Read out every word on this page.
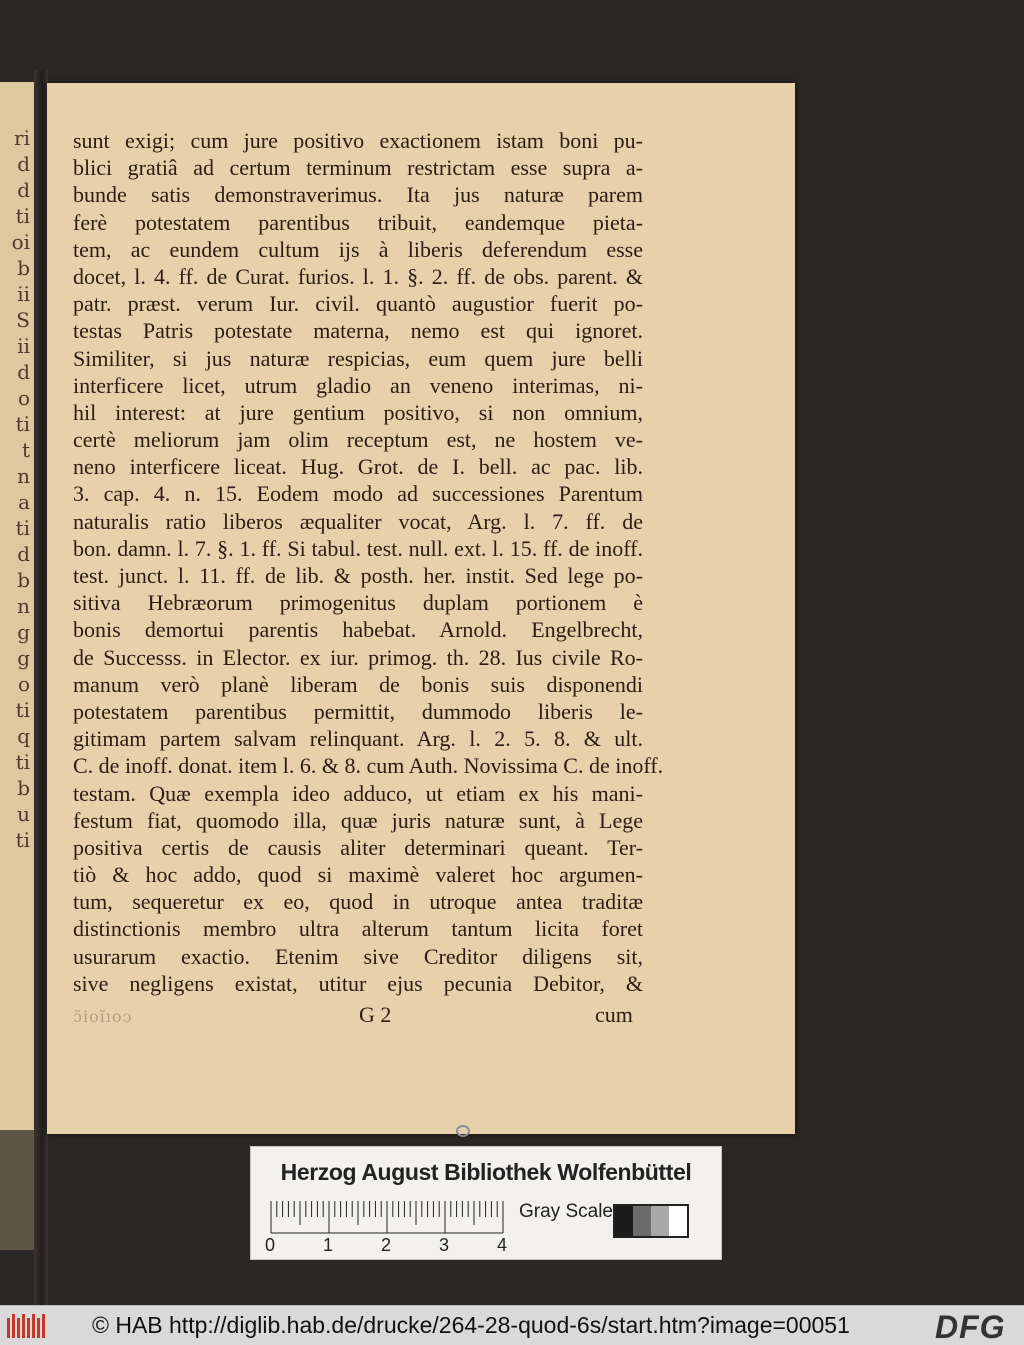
ri
d
d
ti
oi
b
ii
S
ii
d
o
ti
t
n
a
ti
d
b
n
g
g
o
ti
q
ti
b
u
ti

sunt exigi; cum jure positivo exactionem istam boni pu-

blici gratiâ ad certum terminum restrictam esse supra a-

bunde satis demonstraverimus. Ita jus naturæ parem

ferè potestatem parentibus tribuit, eandemque pieta-

tem, ac eundem cultum ijs à liberis deferendum esse

docet, l. 4. ff. de Curat. furios. l. 1. §. 2. ff. de obs. parent. &

patr. præst. verum Iur. civil. quantò augustior fuerit po-

testas Patris potestate materna, nemo est qui ignoret.

Similiter, si jus naturæ respicias, eum quem jure belli

interficere licet, utrum gladio an veneno interimas, ni-

hil interest: at jure gentium positivo, si non omnium,

certè meliorum jam olim receptum est, ne hostem ve-

neno interficere liceat. Hug. Grot. de I. bell. ac pac. lib.

3. cap. 4. n. 15. Eodem modo ad successiones Parentum

naturalis ratio liberos æqualiter vocat, Arg. l. 7. ff. de

bon. damn. l. 7. §. 1. ff. Si tabul. test. null. ext. l. 15. ff. de inoff.

test. junct. l. 11. ff. de lib. & posth. her. instit. Sed lege po-

sitiva Hebræorum primogenitus duplam portionem è

bonis demortui parentis habebat. Arnold. Engelbrecht,

de Successs. in Elector. ex iur. primog. th. 28. Ius civile Ro-

manum verò planè liberam de bonis suis disponendi

potestatem parentibus permittit, dummodo liberis le-

gitimam partem salvam relinquant. Arg. l. 2. 5. 8. & ult.

C. de inoff. donat. item l. 6. & 8. cum Auth. Novissima C. de inoff.

testam. Quæ exempla ideo adduco, ut etiam ex his mani-

festum fiat, quomodo illa, quæ juris naturæ sunt, à Lege

positiva certis de causis aliter determinari queant. Ter-

tiò & hoc addo, quod si maximè valeret hoc argumen-

tum, sequeretur ex eo, quod in utroque antea traditæ

distinctionis membro ultra alterum tantum licita foret

usurarum exactio. Etenim sive Creditor diligens sit,

sive negligens existat, utitur ejus pecunia Debitor, &

ɔ̃ioı̃ıoɔ	G 2	cum
Herzog August Bibliothek Wolfenbüttel
0	1	2	3	4
Gray Scale
© HAB http://diglib.hab.de/drucke/264-28-quod-6s/start.htm?image=00051	DFG
